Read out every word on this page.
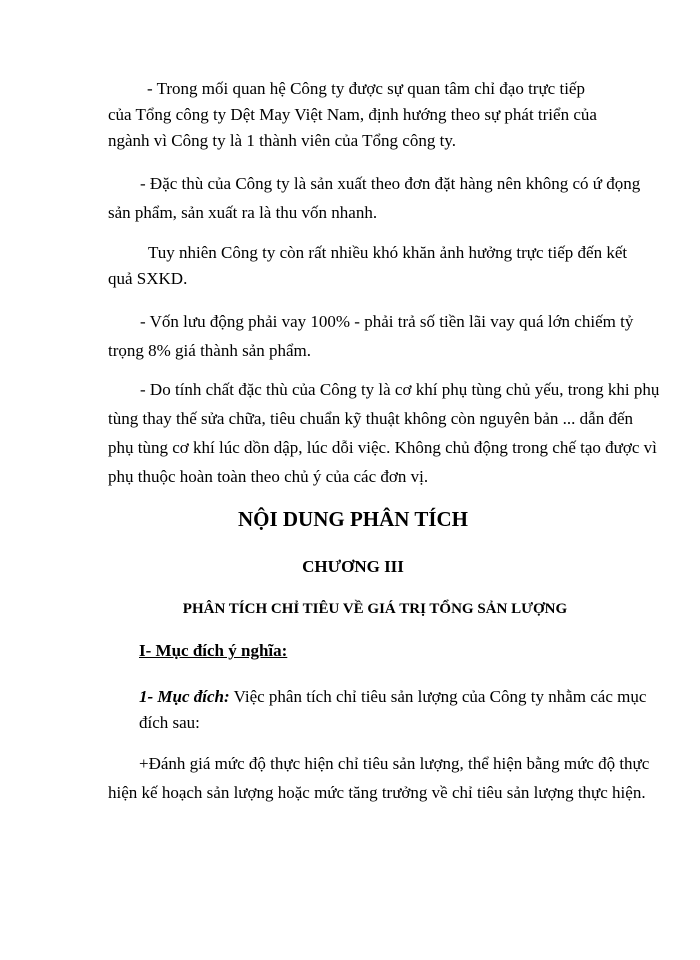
- Trong mối quan hệ Công ty được sự quan tâm chỉ đạo trực tiếp
của Tổng công ty Dệt May Việt Nam, định hướng theo sự phát triển của
ngành vì Công ty là 1 thành viên của Tổng công ty.
- Đặc thù của Công ty là sản xuất theo đơn đặt hàng nên không có ứ đọng
sản phẩm, sản xuất ra là thu vốn nhanh.
Tuy nhiên Công ty còn rất nhiều khó khăn ảnh hưởng trực tiếp đến kết
quả SXKD.
- Vốn lưu động phải vay 100% - phải trả số tiền lãi vay quá lớn chiếm tỷ
trọng 8% giá thành sản phẩm.
- Do tính chất đặc thù của Công ty là cơ khí phụ tùng chủ yếu, trong khi phụ
tùng thay thế sửa chữa, tiêu chuẩn kỹ thuật không còn nguyên bản ... dẫn đến
phụ tùng cơ khí lúc dồn dập, lúc dỗi việc. Không chủ động trong chế tạo được vì
phụ thuộc hoàn toàn theo chủ ý của các đơn vị.
NỘI DUNG PHÂN TÍCH
CHƯƠNG III
PHÂN TÍCH CHỈ TIÊU VỀ GIÁ TRỊ TỔNG SẢN LƯỢNG
I- Mục đích ý nghĩa:
1- Mục đích: Việc phân tích chỉ tiêu sản lượng của Công ty nhằm các mục
đích sau:
+Đánh giá mức độ thực hiện chỉ tiêu sản lượng, thể hiện bằng mức độ thực
hiện kế hoạch sản lượng hoặc mức tăng trưởng về chỉ tiêu sản lượng thực hiện.
